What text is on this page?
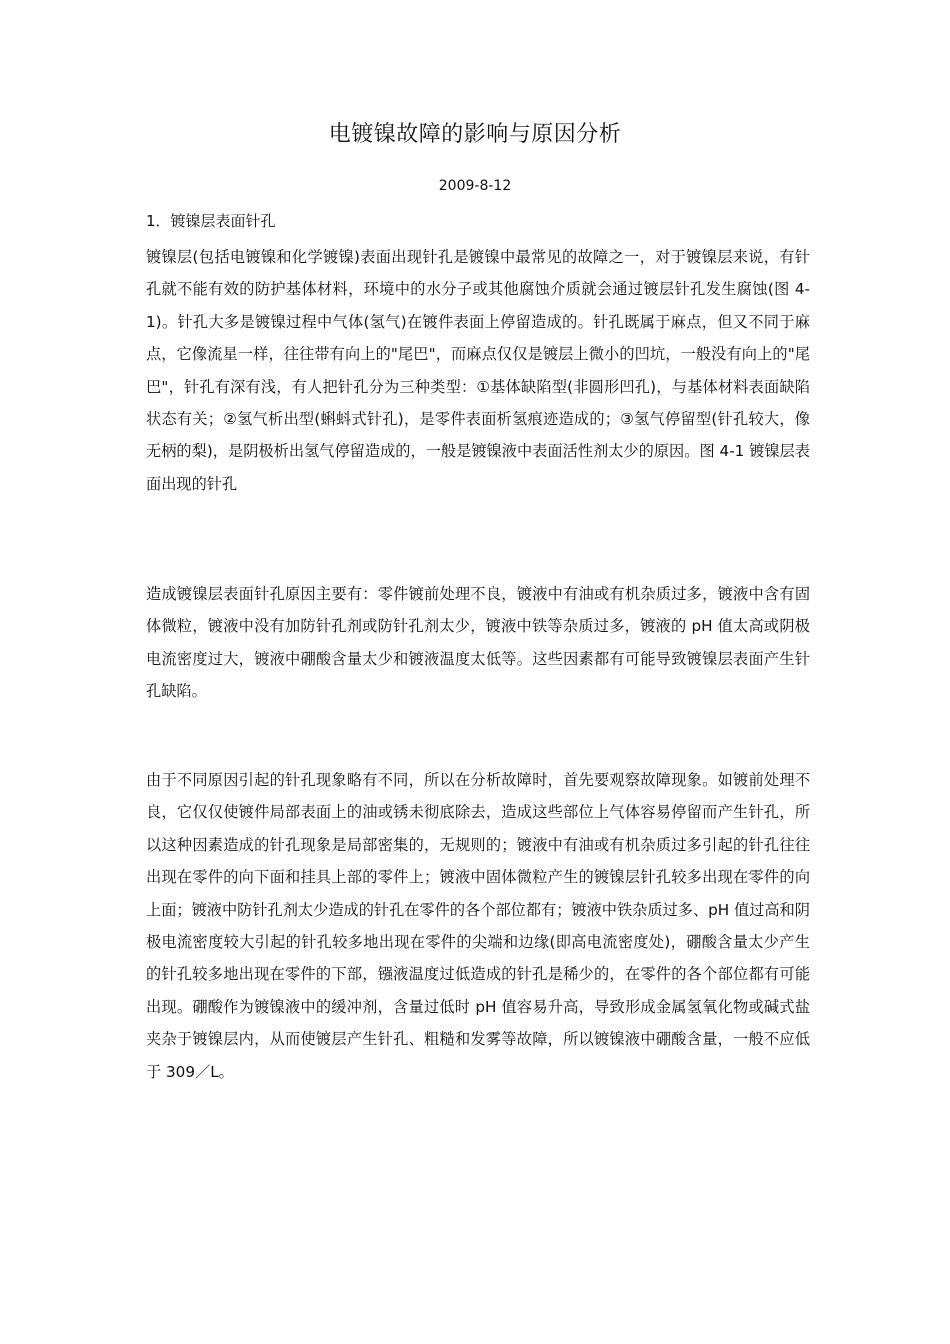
电镀镍故障的影响与原因分析
2009-8-12
1．镀镍层表面针孔

镀镍层(包括电镀镍和化学镀镍)表面出现针孔是镀镍中最常见的故障之一，对于镀镍层来说，有针孔就不能有效的防护基体材料，环境中的水分子或其他腐蚀介质就会通过镀层针孔发生腐蚀(图 4-1)。针孔大多是镀镍过程中气体(氢气)在镀件表面上停留造成的。针孔既属于麻点，但又不同于麻点，它像流星一样，往往带有向上的"尾巴"，而麻点仅仅是镀层上微小的凹坑，一般没有向上的"尾巴"，针孔有深有浅，有人把针孔分为三种类型：①基体缺陷型(非圆形凹孔)，与基体材料表面缺陷状态有关；②氢气析出型(蝌蚪式针孔)，是零件表面析氢痕迹造成的；③氢气停留型(针孔较大，像无柄的梨)，是阴极析出氢气停留造成的，一般是镀镍液中表面活性剂太少的原因。图 4-1 镀镍层表面出现的针孔

造成镀镍层表面针孔原因主要有：零件镀前处理不良，镀液中有油或有机杂质过多，镀液中含有固体微粒，镀液中没有加防针孔剂或防针孔剂太少，镀液中铁等杂质过多，镀液的 pH 值太高或阴极电流密度过大，镀液中硼酸含量太少和镀液温度太低等。这些因素都有可能导致镀镍层表面产生针孔缺陷。

由于不同原因引起的针孔现象略有不同，所以在分析故障时，首先要观察故障现象。如镀前处理不良，它仅仅使镀件局部表面上的油或锈未彻底除去，造成这些部位上气体容易停留而产生针孔，所以这种因素造成的针孔现象是局部密集的，无规则的；镀液中有油或有机杂质过多引起的针孔往往出现在零件的向下面和挂具上部的零件上；镀液中固体微粒产生的镀镍层针孔较多出现在零件的向上面；镀液中防针孔剂太少造成的针孔在零件的各个部位都有；镀液中铁杂质过多、pH 值过高和阴极电流密度较大引起的针孔较多地出现在零件的尖端和边缘(即高电流密度处)，硼酸含量太少产生的针孔较多地出现在零件的下部，镪液温度过低造成的针孔是稀少的，在零件的各个部位都有可能出现。硼酸作为镀镍液中的缓冲剂，含量过低时 pH 值容易升高，导致形成金属氢氧化物或碱式盐夹杂于镀镍层内，从而使镀层产生针孔、粗糙和发雾等故障，所以镀镍液中硼酸含量，一般不应低于 309／L。
